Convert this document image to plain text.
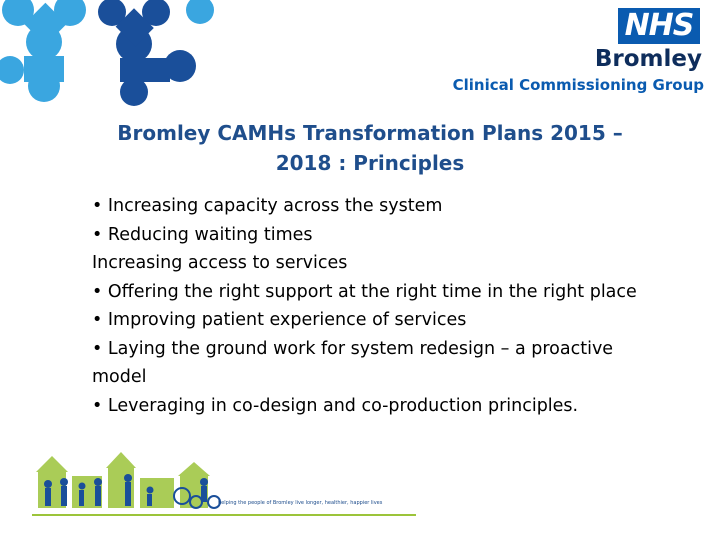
NHS
Bromley
Clinical Commissioning Group
Bromley CAMHs Transformation Plans 2015 –
2018 : Principles
• Increasing capacity across the system
• Reducing waiting times
Increasing access to services
• Offering the right support at the right time in the right place
• Improving patient experience of services
• Laying the ground work for system redesign – a proactive
model
• Leveraging in co-design and co-production principles.
helping the people of Bromley live longer, healthier, happier lives
